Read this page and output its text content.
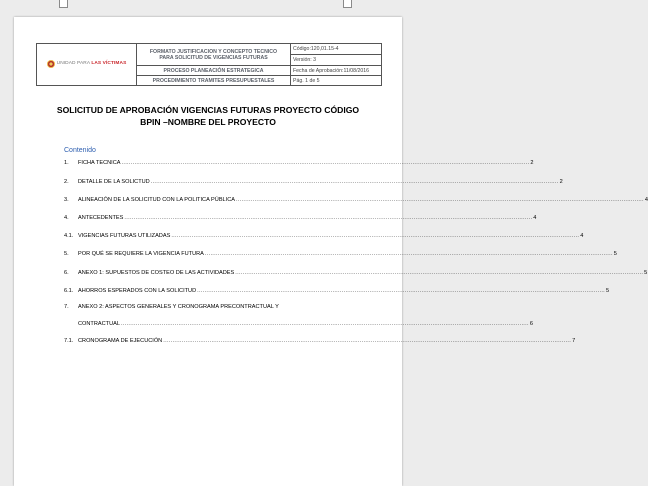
UNIDAD PARA LAS VÍCTIMAS	FORMATO JUSTIFICACION Y CONCEPTO TECNICO
PARA SOLICITUD DE VIGENCIAS FUTURAS	Código:120,01.15-4
		Versión: 3
	PROCESO PLANEACIÓN ESTRATEGICA	Fecha de Aprobación:11/08/2016
	PROCEDIMIENTO TRAMITES PRESUPUESTALES	Pág. 1 de 5
SOLICITUD DE APROBACIÓN VIGENCIAS FUTURAS PROYECTO CÓDIGO
BPIN –NOMBRE DEL PROYECTO
Contenido
1.	FICHA TECNICA ............................................................................................................................................................................................................................ 2
2.	DETALLE DE LA SOLICTUD ............................................................................................................................................................................................................................ 2
3.	ALINEACIÓN DE LA SOLICITUD CON LA POLITICA PÚBLICA ............................................................................................................................................................................................................................ 4
4.	ANTECEDENTES ............................................................................................................................................................................................................................ 4
4.1. VIGENCIAS FUTURAS UTILIZADAS ............................................................................................................................................................................................................................ 4
5.	POR QUÉ SE REQUIERE LA VIGENCIA FUTURA ............................................................................................................................................................................................................................ 5
6.	ANEXO 1: SUPUESTOS DE COSTEO DE LAS ACTIVIDADES ............................................................................................................................................................................................................................ 5
6.1. AHORROS ESPERADOS CON LA SOLICITUD ............................................................................................................................................................................................................................ 5
7.	ANEXO 2: ASPECTOS GENERALES Y CRONOGRAMA PRECONTRACTUAL Y
CONTRACTUAL ............................................................................................................................................................................................................................ 6
7.1. CRONOGRAMA DE EJECUCIÓN ............................................................................................................................................................................................................................ 7
